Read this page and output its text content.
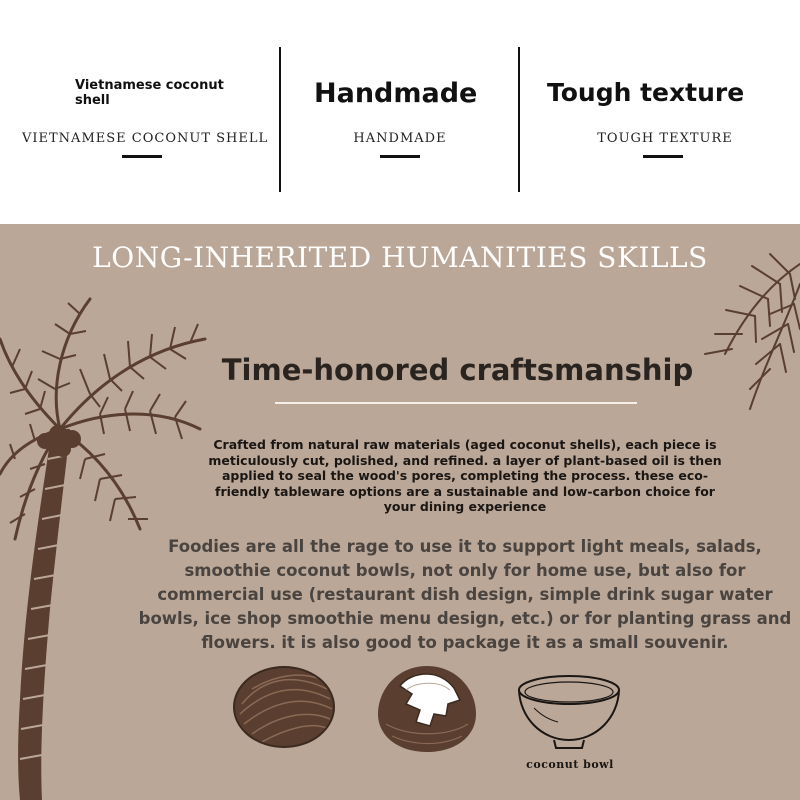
Vietnamese coconut shell
VIETNAMESE COCONUT SHELL
Handmade
HANDMADE
Tough texture
TOUGH TEXTURE
LONG-INHERITED HUMANITIES SKILLS
Time-honored craftsmanship
Crafted from natural raw materials (aged coconut shells), each piece is meticulously cut, polished, and refined. a layer of plant-based oil is then applied to seal the wood's pores, completing the process. these eco-friendly tableware options are a sustainable and low-carbon choice for your dining experience
Foodies are all the rage to use it to support light meals, salads, smoothie coconut bowls, not only for home use, but also for commercial use (restaurant dish design, simple drink sugar water bowls, ice shop smoothie menu design, etc.) or for planting grass and flowers. it is also good to package it as a small souvenir.
coconut bowl
